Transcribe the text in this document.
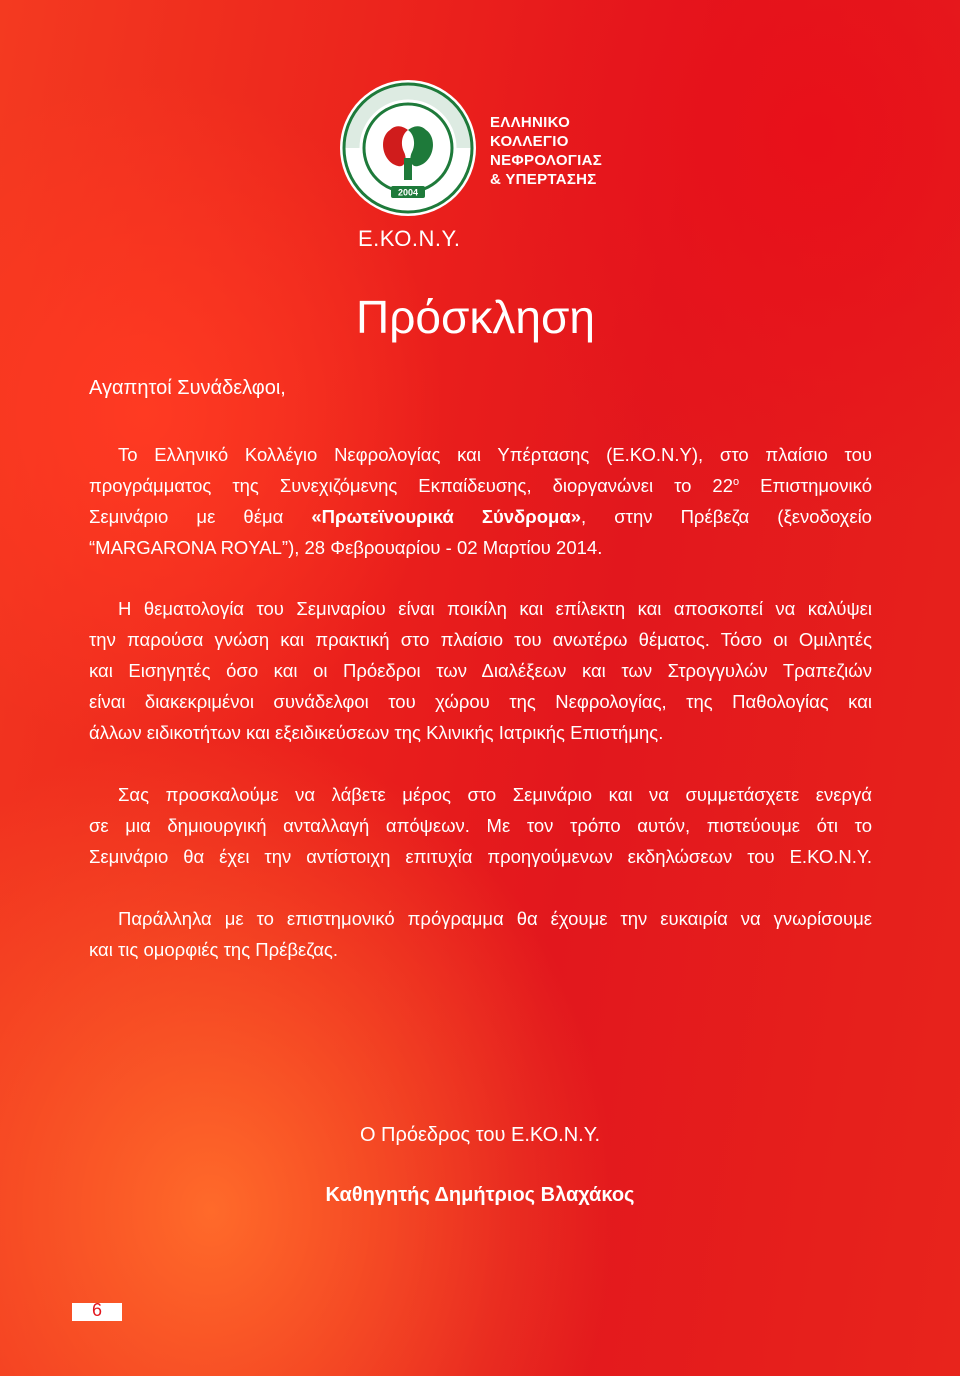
2004
ΕΛΛΗΝΙΚΟ
ΚΟΛΛΕΓΙΟ
ΝΕΦΡΟΛΟΓΙΑΣ
& ΥΠΕΡΤΑΣΗΣ
Ε.ΚΟ.Ν.Υ.
Πρόσκληση
Αγαπητοί Συνάδελφοι,
Το Ελληνικό Κολλέγιο Νεφρολογίας και Υπέρτασης (Ε.ΚΟ.Ν.Υ), στο πλαίσιο του
προγράμματος της Συνεχιζόμενης Εκπαίδευσης, διοργανώνει το $22^o$ Επιστημονικό
Σεμινάριο με θέμα «Πρωτεϊνουρικά Σύνδρομα», στην Πρέβεζα (ξενοδοχείο
“MARGARONA ROYAL”), 28 Φεβρουαρίου - 02 Μαρτίου 2014.
Η θεματολογία του Σεμιναρίου είναι ποικίλη και επίλεκτη και αποσκοπεί να καλύψει
την παρούσα γνώση και πρακτική στο πλαίσιο του ανωτέρω θέματος. Τόσο οι Ομιλητές
και Εισηγητές όσο και οι Πρόεδροι των Διαλέξεων και των Στρογγυλών Τραπεζιών
είναι διακεκριμένοι συνάδελφοι του χώρου της Νεφρολογίας, της Παθολογίας και
άλλων ειδικοτήτων και εξειδικεύσεων της Κλινικής Ιατρικής Επιστήμης.
Σας προσκαλούμε να λάβετε μέρος στο Σεμινάριο και να συμμετάσχετε ενεργά
σε μια δημιουργική ανταλλαγή απόψεων. Με τον τρόπο αυτόν, πιστεύουμε ότι το
Σεμινάριο θα έχει την αντίστοιχη επιτυχία προηγούμενων εκδηλώσεων του Ε.ΚΟ.Ν.Υ.
Παράλληλα με το επιστημονικό πρόγραμμα θα έχουμε την ευκαιρία να γνωρίσουμε
και τις ομορφιές της Πρέβεζας.
Ο Πρόεδρος του Ε.ΚΟ.Ν.Υ.
Καθηγητής Δημήτριος Βλαχάκος
6
